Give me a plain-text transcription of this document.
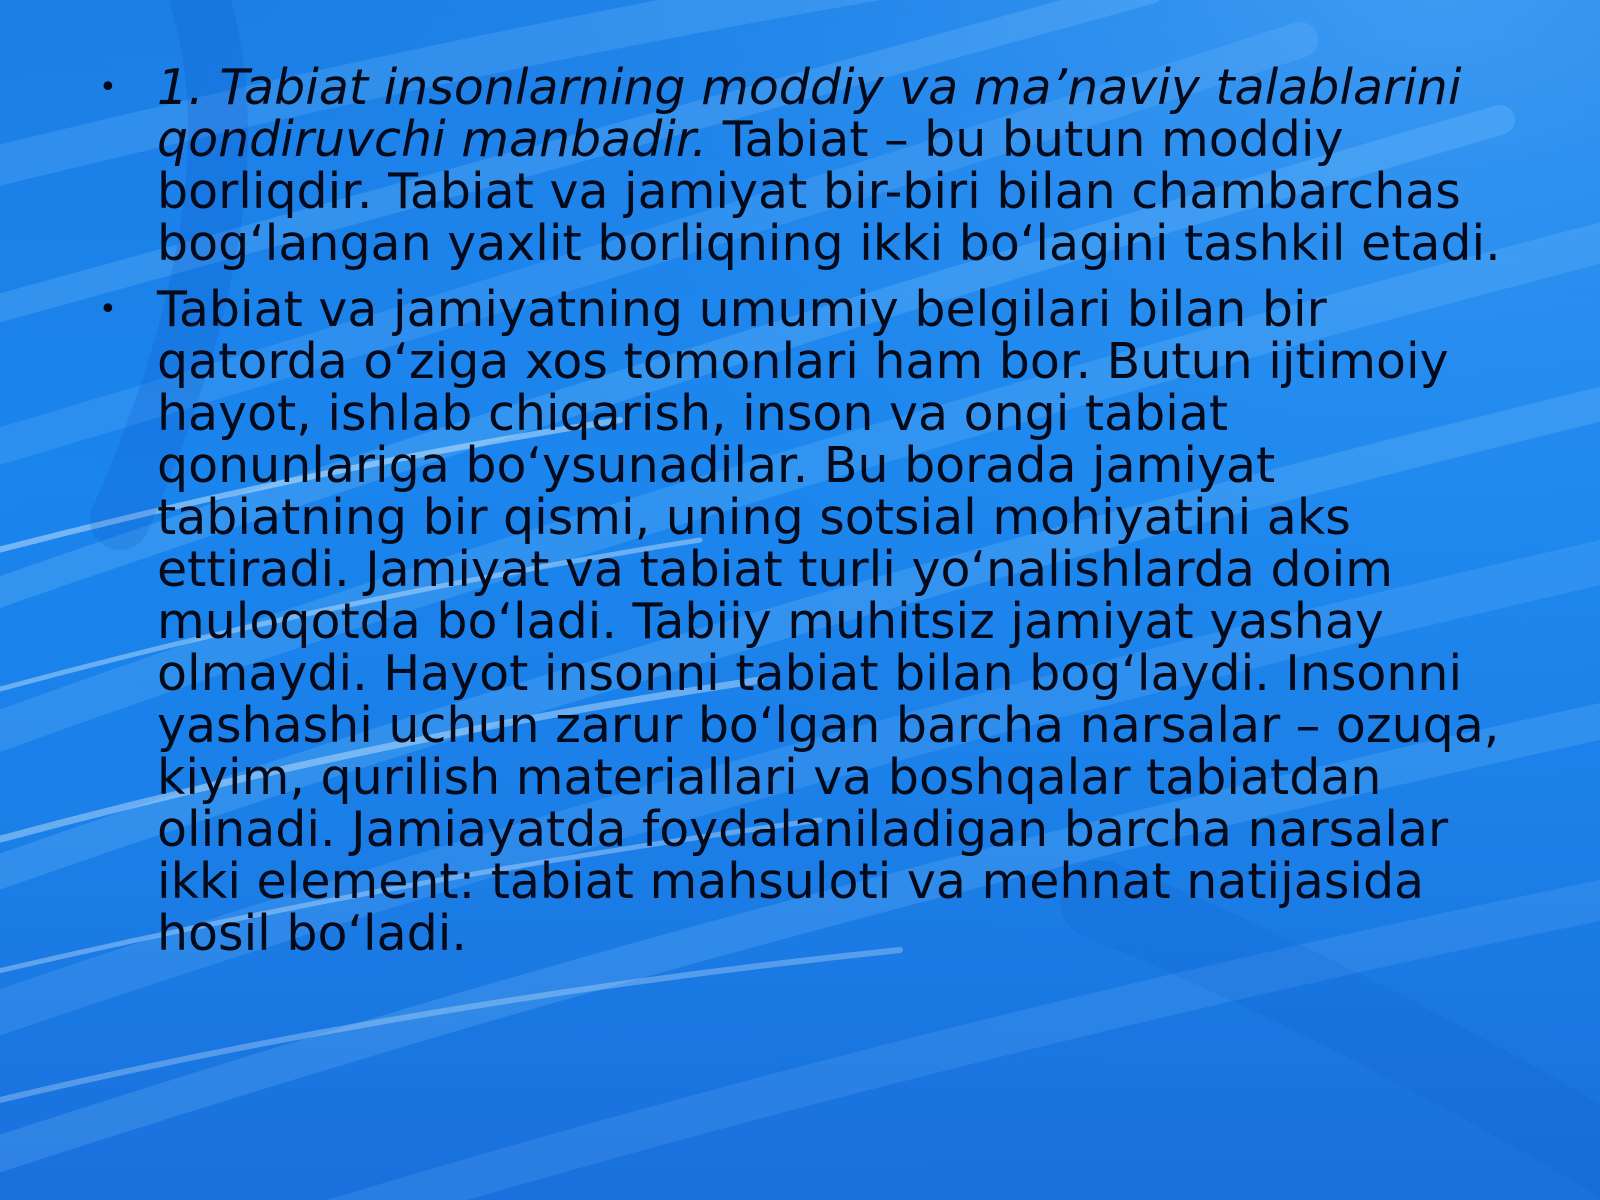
• 1. Tabiat insonlarning moddiy va ma’naviy talablarini qondiruvchi manbadir. Tabiat – bu butun moddiy borliqdir. Tabiat va jamiyat bir-biri bilan chambarchas bog‘langan yaxlit borliqning ikki bo‘lagini tashkil etadi.
• Tabiat va jamiyatning umumiy belgilari bilan bir qatorda o‘ziga xos tomonlari ham bor. Butun ijtimoiy hayot, ishlab chiqarish, inson va ongi tabiat qonunlariga bo‘ysunadilar. Bu borada jamiyat tabiatning bir qismi, uning sotsial mohiyatini aks ettiradi. Jamiyat va tabiat turli yo‘nalishlarda doim muloqotda bo‘ladi. Tabiiy muhitsiz jamiyat yashay olmaydi. Hayot insonni tabiat bilan bog‘laydi. Insonni yashashi uchun zarur bo‘lgan barcha narsalar – ozuqa, kiyim, qurilish materiallari va boshqalar tabiatdan olinadi. Jamiayatda foydalaniladigan barcha narsalar ikki element: tabiat mahsuloti va mehnat natijasida hosil bo‘ladi.
